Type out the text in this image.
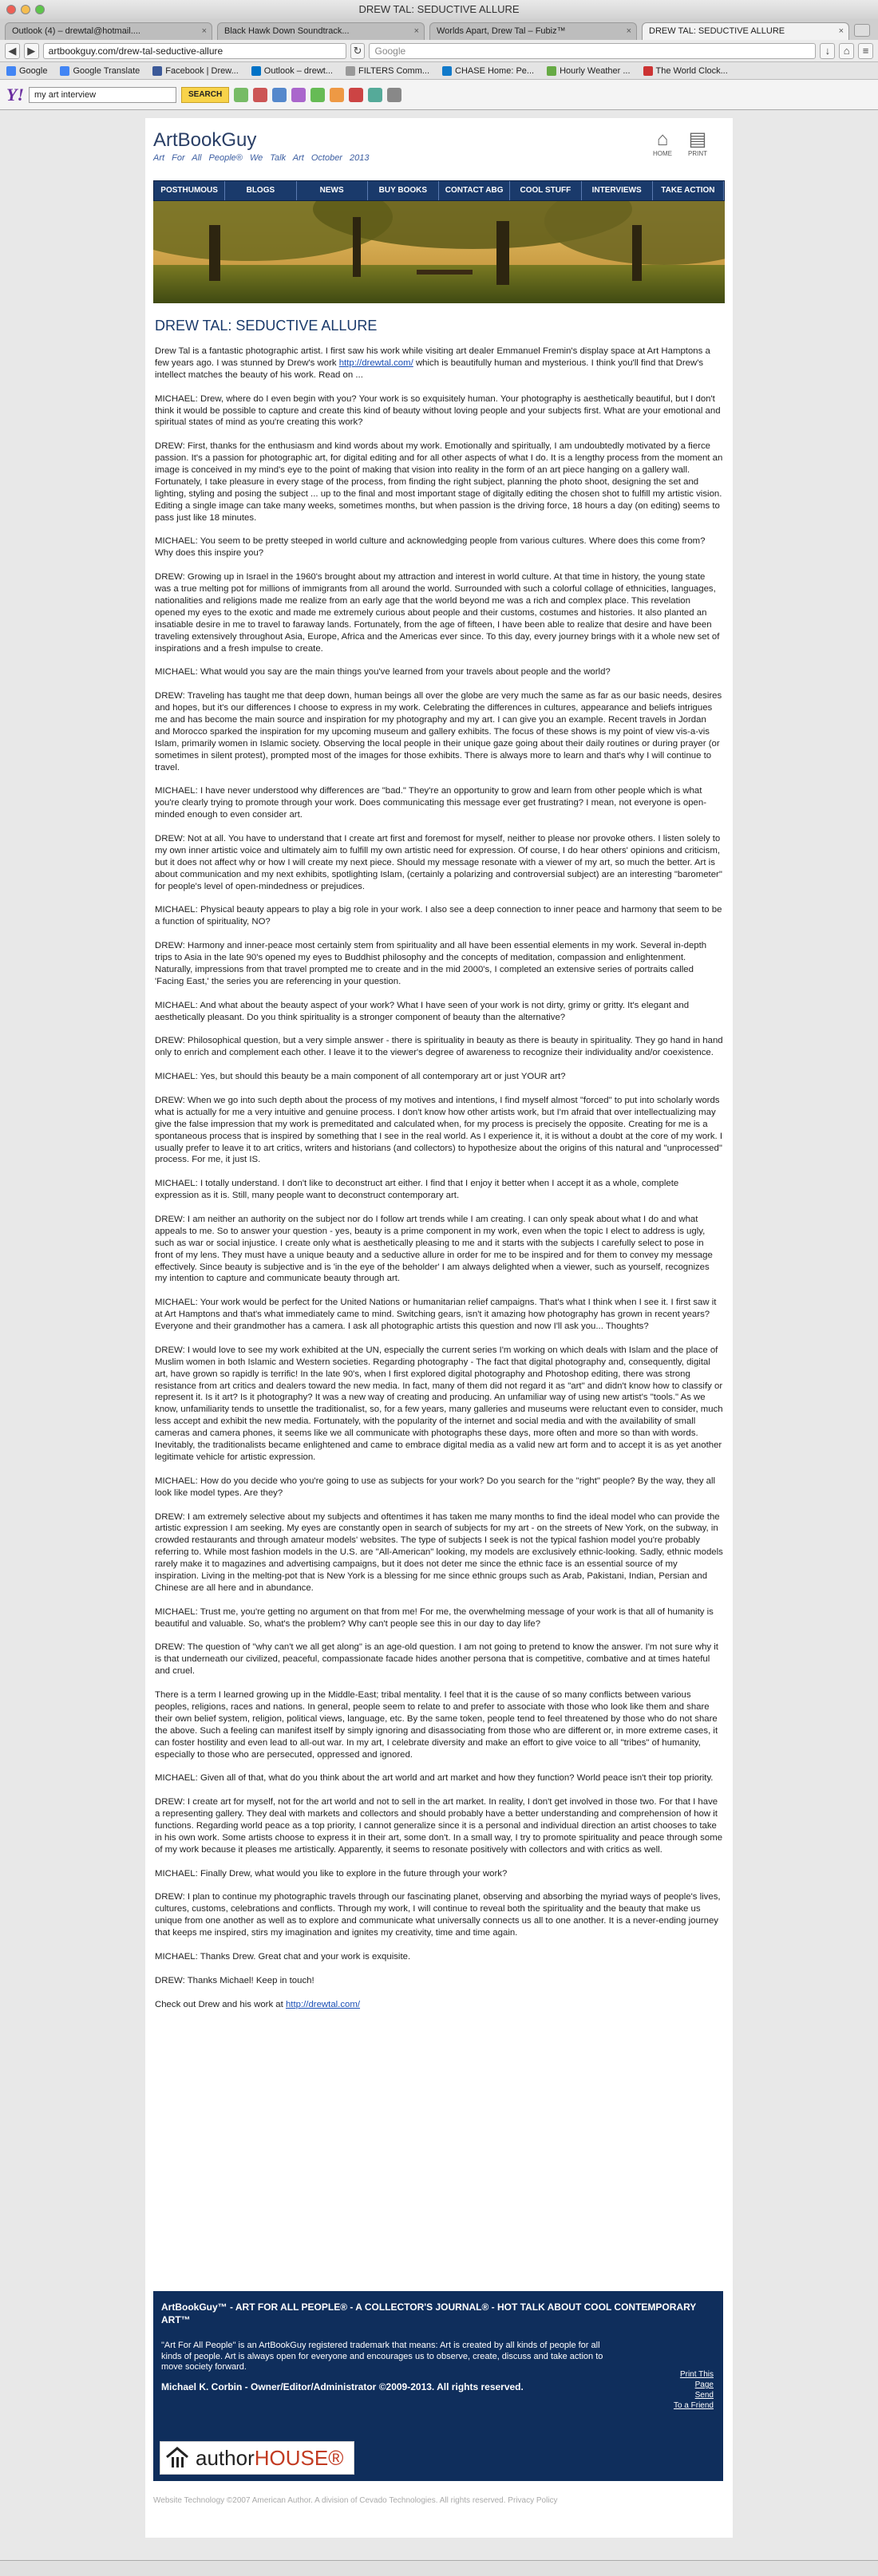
DREW TAL: SEDUCTIVE ALLURE
Outlook (4) – drewtal@hotmail....	×	Black Hawk Down Soundtrack...	×	Worlds Apart, Drew Tal – Fubiz™	×	DREW TAL: SEDUCTIVE ALLURE	×
◀	▶	artbookguy.com/drew-tal-seductive-allure	↻	Google	↓	⌂	≡
Google	Google Translate	Facebook | Drew...	Outlook – drewt...	FILTERS Comm...	CHASE Home: Pe...	Hourly Weather ...	The World Clock...
Y!	my art interview	SEARCH
ArtBookGuy
Art For All People® We Talk Art October 2013
⌂
HOME
▤
PRINT
POSTHUMOUS	BLOGS	NEWS	BUY BOOKS	CONTACT ABG	COOL STUFF	INTERVIEWS	TAKE ACTION
DREW TAL: SEDUCTIVE ALLURE

Drew Tal is a fantastic photographic artist. I first saw his work while visiting art dealer Emmanuel Fremin's display space at Art Hamptons a few years ago. I was stunned by Drew's work http://drewtal.com/ which is beautifully human and mysterious. I think you'll find that Drew's intellect matches the beauty of his work. Read on ...

MICHAEL: Drew, where do I even begin with you? Your work is so exquisitely human. Your photography is aesthetically beautiful, but I don't think it would be possible to capture and create this kind of beauty without loving people and your subjects first. What are your emotional and spiritual states of mind as you're creating this work?

DREW: First, thanks for the enthusiasm and kind words about my work. Emotionally and spiritually, I am undoubtedly motivated by a fierce passion. It's a passion for photographic art, for digital editing and for all other aspects of what I do. It is a lengthy process from the moment an image is conceived in my mind's eye to the point of making that vision into reality in the form of an art piece hanging on a gallery wall. Fortunately, I take pleasure in every stage of the process, from finding the right subject, planning the photo shoot, designing the set and lighting, styling and posing the subject ... up to the final and most important stage of digitally editing the chosen shot to fulfill my artistic vision. Editing a single image can take many weeks, sometimes months, but when passion is the driving force, 18 hours a day (on editing) seems to pass just like 18 minutes.

MICHAEL: You seem to be pretty steeped in world culture and acknowledging people from various cultures. Where does this come from? Why does this inspire you?

DREW: Growing up in Israel in the 1960's brought about my attraction and interest in world culture. At that time in history, the young state was a true melting pot for millions of immigrants from all around the world. Surrounded with such a colorful collage of ethnicities, languages, nationalities and religions made me realize from an early age that the world beyond me was a rich and complex place. This revelation opened my eyes to the exotic and made me extremely curious about people and their customs, costumes and histories. It also planted an insatiable desire in me to travel to faraway lands. Fortunately, from the age of fifteen, I have been able to realize that desire and have been traveling extensively throughout Asia, Europe, Africa and the Americas ever since. To this day, every journey brings with it a whole new set of inspirations and a fresh impulse to create.

MICHAEL: What would you say are the main things you've learned from your travels about people and the world?

DREW: Traveling has taught me that deep down, human beings all over the globe are very much the same as far as our basic needs, desires and hopes, but it's our differences I choose to express in my work. Celebrating the differences in cultures, appearance and beliefs intrigues me and has become the main source and inspiration for my photography and my art. I can give you an example. Recent travels in Jordan and Morocco sparked the inspiration for my upcoming museum and gallery exhibits. The focus of these shows is my point of view vis-a-vis Islam, primarily women in Islamic society. Observing the local people in their unique gaze going about their daily routines or during prayer (or sometimes in silent protest), prompted most of the images for those exhibits. There is always more to learn and that's why I will continue to travel.

MICHAEL: I have never understood why differences are "bad." They're an opportunity to grow and learn from other people which is what you're clearly trying to promote through your work. Does communicating this message ever get frustrating? I mean, not everyone is open-minded enough to even consider art.

DREW: Not at all. You have to understand that I create art first and foremost for myself, neither to please nor provoke others. I listen solely to my own inner artistic voice and ultimately aim to fulfill my own artistic need for expression. Of course, I do hear others' opinions and criticism, but it does not affect why or how I will create my next piece. Should my message resonate with a viewer of my art, so much the better. Art is about communication and my next exhibits, spotlighting Islam, (certainly a polarizing and controversial subject) are an interesting "barometer" for people's level of open-mindedness or prejudices.

MICHAEL: Physical beauty appears to play a big role in your work. I also see a deep connection to inner peace and harmony that seem to be a function of spirituality, NO?

DREW: Harmony and inner-peace most certainly stem from spirituality and all have been essential elements in my work. Several in-depth trips to Asia in the late 90's opened my eyes to Buddhist philosophy and the concepts of meditation, compassion and enlightenment. Naturally, impressions from that travel prompted me to create and in the mid 2000's, I completed an extensive series of portraits called 'Facing East,' the series you are referencing in your question.

MICHAEL: And what about the beauty aspect of your work? What I have seen of your work is not dirty, grimy or gritty. It's elegant and aesthetically pleasant. Do you think spirituality is a stronger component of beauty than the alternative?

DREW: Philosophical question, but a very simple answer - there is spirituality in beauty as there is beauty in spirituality. They go hand in hand only to enrich and complement each other. I leave it to the viewer's degree of awareness to recognize their individuality and/or coexistence.

MICHAEL: Yes, but should this beauty be a main component of all contemporary art or just YOUR art?

DREW: When we go into such depth about the process of my motives and intentions, I find myself almost "forced" to put into scholarly words what is actually for me a very intuitive and genuine process. I don't know how other artists work, but I'm afraid that over intellectualizing may give the false impression that my work is premeditated and calculated when, for my process is precisely the opposite. Creating for me is a spontaneous process that is inspired by something that I see in the real world. As I experience it, it is without a doubt at the core of my work. I usually prefer to leave it to art critics, writers and historians (and collectors) to hypothesize about the origins of this natural and "unprocessed" process. For me, it just IS.

MICHAEL: I totally understand. I don't like to deconstruct art either. I find that I enjoy it better when I accept it as a whole, complete expression as it is. Still, many people want to deconstruct contemporary art.

DREW: I am neither an authority on the subject nor do I follow art trends while I am creating. I can only speak about what I do and what appeals to me. So to answer your question - yes, beauty is a prime component in my work, even when the topic I elect to address is ugly, such as war or social injustice. I create only what is aesthetically pleasing to me and it starts with the subjects I carefully select to pose in front of my lens. They must have a unique beauty and a seductive allure in order for me to be inspired and for them to convey my message effectively. Since beauty is subjective and is 'in the eye of the beholder' I am always delighted when a viewer, such as yourself, recognizes my intention to capture and communicate beauty through art.

MICHAEL: Your work would be perfect for the United Nations or humanitarian relief campaigns. That's what I think when I see it. I first saw it at Art Hamptons and that's what immediately came to mind. Switching gears, isn't it amazing how photography has grown in recent years? Everyone and their grandmother has a camera. I ask all photographic artists this question and now I'll ask you... Thoughts?

DREW: I would love to see my work exhibited at the UN, especially the current series I'm working on which deals with Islam and the place of Muslim women in both Islamic and Western societies. Regarding photography - The fact that digital photography and, consequently, digital art, have grown so rapidly is terrific! In the late 90's, when I first explored digital photography and Photoshop editing, there was strong resistance from art critics and dealers toward the new media. In fact, many of them did not regard it as "art" and didn't know how to classify or represent it. Is it art? Is it photography? It was a new way of creating and producing. An unfamiliar way of using new artist's "tools." As we know, unfamiliarity tends to unsettle the traditionalist, so, for a few years, many galleries and museums were reluctant even to consider, much less accept and exhibit the new media. Fortunately, with the popularity of the internet and social media and with the availability of small cameras and camera phones, it seems like we all communicate with photographs these days, more often and more so than with words. Inevitably, the traditionalists became enlightened and came to embrace digital media as a valid new art form and to accept it is as yet another legitimate vehicle for artistic expression.

MICHAEL: How do you decide who you're going to use as subjects for your work? Do you search for the "right" people? By the way, they all look like model types. Are they?

DREW: I am extremely selective about my subjects and oftentimes it has taken me many months to find the ideal model who can provide the artistic expression I am seeking. My eyes are constantly open in search of subjects for my art - on the streets of New York, on the subway, in crowded restaurants and through amateur models' websites. The type of subjects I seek is not the typical fashion model you're probably referring to. While most fashion models in the U.S. are "All-American" looking, my models are exclusively ethnic-looking. Sadly, ethnic models rarely make it to magazines and advertising campaigns, but it does not deter me since the ethnic face is an essential source of my inspiration. Living in the melting-pot that is New York is a blessing for me since ethnic groups such as Arab, Pakistani, Indian, Persian and Chinese are all here and in abundance.

MICHAEL: Trust me, you're getting no argument on that from me! For me, the overwhelming message of your work is that all of humanity is beautiful and valuable. So, what's the problem? Why can't people see this in our day to day life?

DREW: The question of "why can't we all get along" is an age-old question. I am not going to pretend to know the answer. I'm not sure why it is that underneath our civilized, peaceful, compassionate facade hides another persona that is competitive, combative and at times hateful and cruel.

There is a term I learned growing up in the Middle-East; tribal mentality. I feel that it is the cause of so many conflicts between various peoples, religions, races and nations. In general, people seem to relate to and prefer to associate with those who look like them and share their own belief system, religion, political views, language, etc. By the same token, people tend to feel threatened by those who do not share the above. Such a feeling can manifest itself by simply ignoring and disassociating from those who are different or, in more extreme cases, it can foster hostility and even lead to all-out war. In my art, I celebrate diversity and make an effort to give voice to all "tribes" of humanity, especially to those who are persecuted, oppressed and ignored.

MICHAEL: Given all of that, what do you think about the art world and art market and how they function? World peace isn't their top priority.

DREW: I create art for myself, not for the art world and not to sell in the art market. In reality, I don't get involved in those two. For that I have a representing gallery. They deal with markets and collectors and should probably have a better understanding and comprehension of how it functions. Regarding world peace as a top priority, I cannot generalize since it is a personal and individual direction an artist chooses to take in his own work. Some artists choose to express it in their art, some don't. In a small way, I try to promote spirituality and peace through some of my work because it pleases me artistically. Apparently, it seems to resonate positively with collectors and with critics as well.

MICHAEL: Finally Drew, what would you like to explore in the future through your work?

DREW: I plan to continue my photographic travels through our fascinating planet, observing and absorbing the myriad ways of people's lives, cultures, customs, celebrations and conflicts. Through my work, I will continue to reveal both the spirituality and the beauty that make us unique from one another as well as to explore and communicate what universally connects us all to one another. It is a never-ending journey that keeps me inspired, stirs my imagination and ignites my creativity, time and time again.

MICHAEL: Thanks Drew. Great chat and your work is exquisite.

DREW: Thanks Michael! Keep in touch!

Check out Drew and his work at http://drewtal.com/

ArtBookGuy™ - ART FOR ALL PEOPLE® - A COLLECTOR'S JOURNAL® - HOT TALK ABOUT COOL CONTEMPORARY ART™
"Art For All People" is an ArtBookGuy registered trademark that means: Art is created by all kinds of people for all kinds of people. Art is always open for everyone and encourages us to observe, create, discuss and take action to move society forward.
Michael K. Corbin - Owner/Editor/Administrator ©2009-2013. All rights reserved.
Print This
Page
Send
To a Friend
authorHOUSE®
Website Technology ©2007 American Author. A division of Cevado Technologies. All rights reserved. Privacy Policy
